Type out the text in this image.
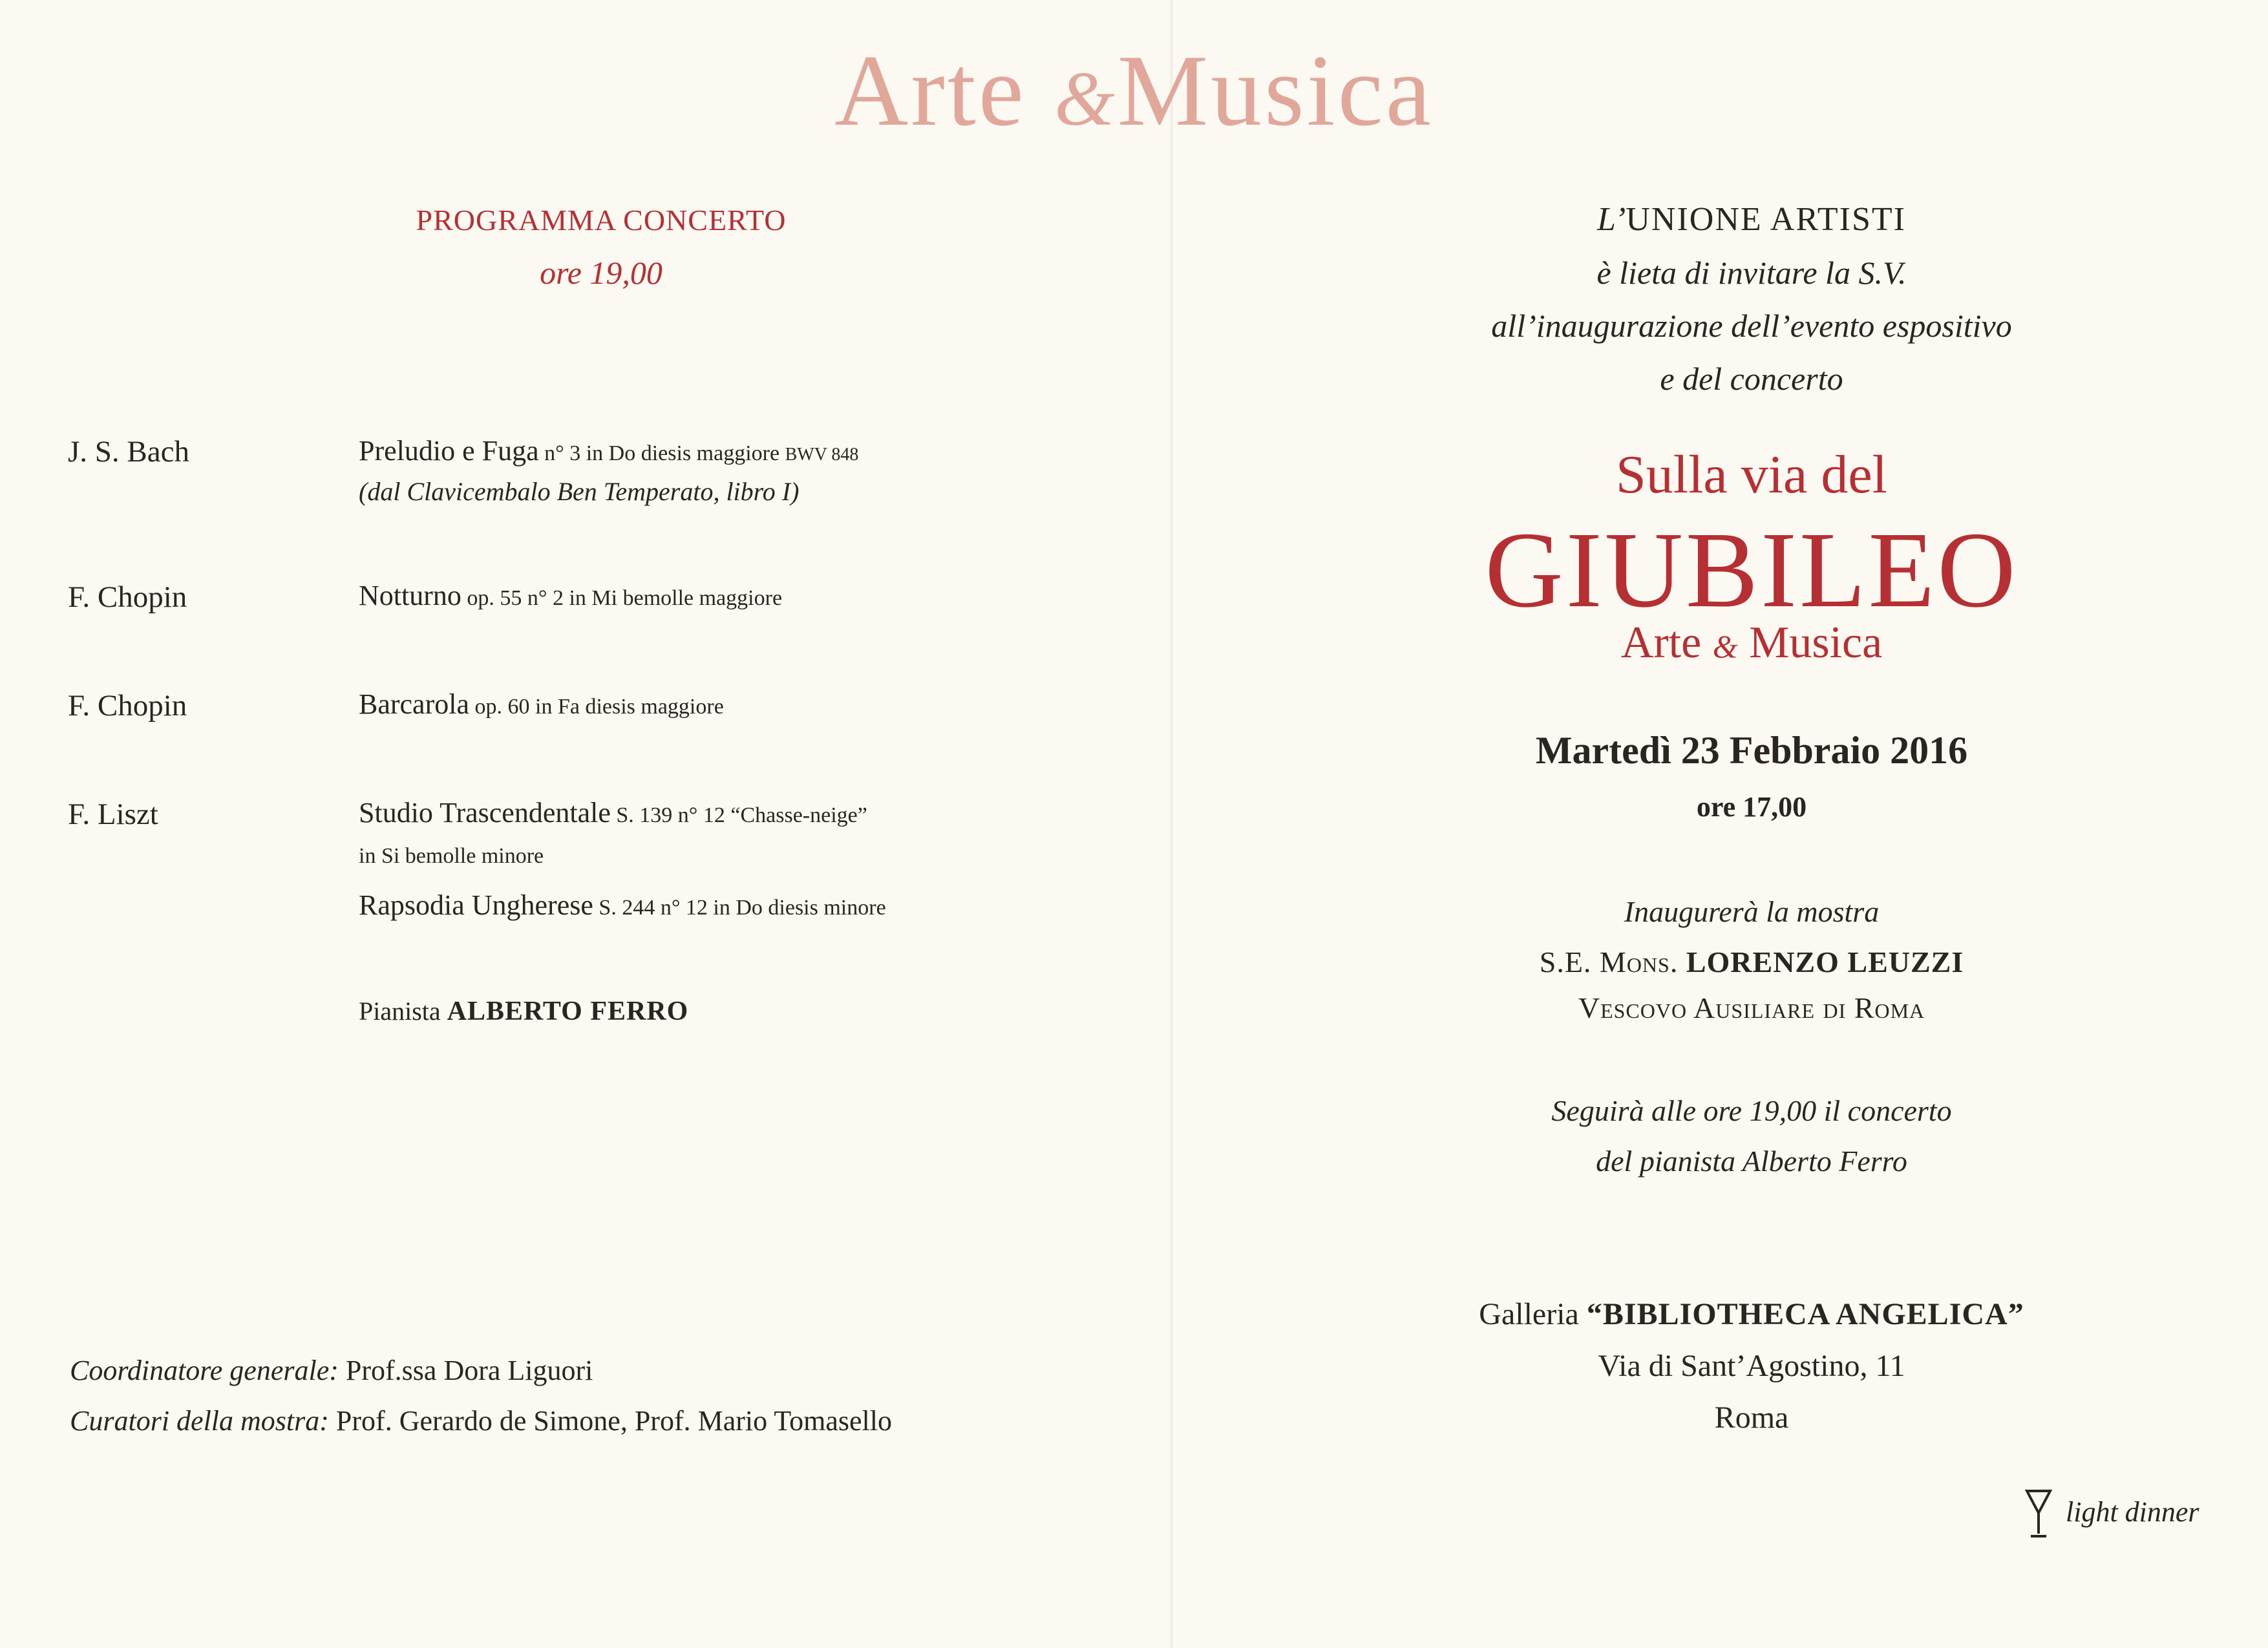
Arte &Musica
PROGRAMMA CONCERTO
ore 19,00
J. S. Bach	Preludio e Fuga n° 3 in Do diesis maggiore BWV 848
(dal Clavicembalo Ben Temperato, libro I)
F. Chopin	Notturno op. 55 n° 2 in Mi bemolle maggiore
F. Chopin	Barcarola op. 60 in Fa diesis maggiore
F. Liszt	Studio Trascendentale S. 139 n° 12 “Chasse-neige”
in Si bemolle minore
Rapsodia Ungherese S. 244 n° 12 in Do diesis minore
Pianista ALBERTO FERRO
Coordinatore generale: Prof.ssa Dora Liguori
Curatori della mostra: Prof. Gerardo de Simone, Prof. Mario Tomasello
L’UNIONE ARTISTI
è lieta di invitare la S.V.
all’inaugurazione dell’evento espositivo
e del concerto
Sulla via del
GIUBILEO
Arte & Musica
Martedì 23 Febbraio 2016
ore 17,00
Inaugurerà la mostra
S.E. Mons. LORENZO LEUZZI
Vescovo Ausiliare di Roma
Seguirà alle ore 19,00 il concerto
del pianista Alberto Ferro
Galleria “BIBLIOTHECA ANGELICA”
Via di Sant’Agostino, 11
Roma
light dinner
